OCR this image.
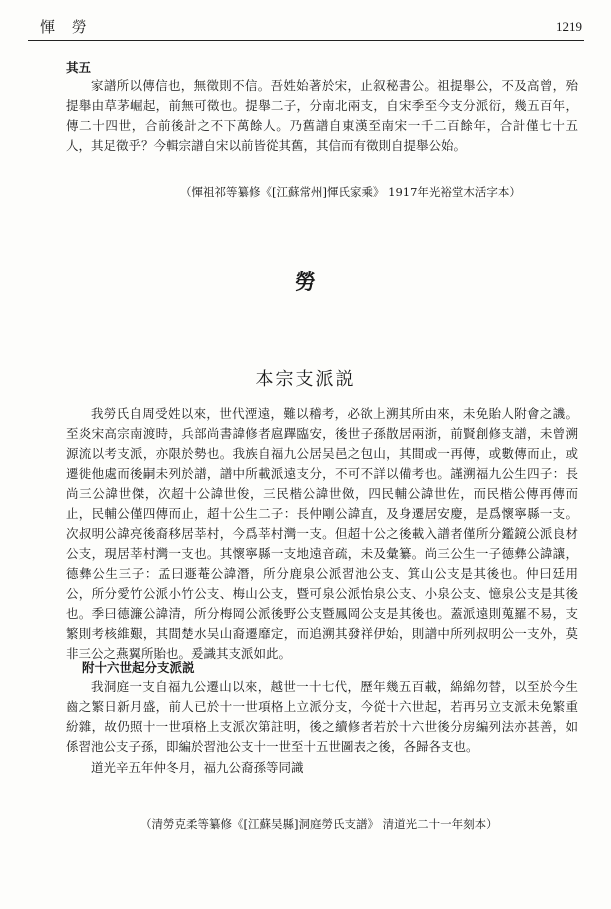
惲 勞	1219
其五

家譜所以傳信也，無徵則不信。吾姓始著於宋，止叙秘書公。祖提舉公，不及高曾，殆提舉由草茅崛起，前無可徵也。提舉二子，分南北兩支，自宋季至今支分派衍，幾五百年，傳二十四世，合前後計之不下萬餘人。乃舊譜自東漢至南宋一千二百餘年，合計僅七十五人，其足徵乎？今輯宗譜自宋以前皆從其舊，其信而有徵則自提舉公始。

（惲祖祁等纂修《[江蘇常州]惲氏家乘》 1917年光裕堂木活字本）
勞
本宗支派説

我勞氏自周受姓以來，世代湮遠，難以稽考，必欲上溯其所由來，未免貽人附會之譏。至炎宋高宗南渡時，兵部尚書諱修者扈蹕臨安，後世子孫散居兩浙，前賢創修支譜，未曾溯源流以考支派，亦限於勢也。我族自福九公居吴邑之包山，其間或一再傳，或數傳而止，或遷徙他處而後嗣未列於譜，譜中所載派遠支分，不可不詳以備考也。謹溯福九公生四子：長尚三公諱世傑，次超十公諱世俊，三民楷公諱世傚，四民輔公諱世佐，而民楷公傳再傳而止，民輔公僅四傳而止，超十公生二子：長仲剛公諱直，及身遷居安慶，是爲懷寧縣一支。次叔明公諱亮後裔移居莘村，今爲莘村灣一支。但超十公之後載入譜者僅所分鑑鏡公派良材公支，現居莘村灣一支也。其懷寧縣一支地遠音疏，未及彙纂。尚三公生一子德彝公諱讓，德彝公生三子：孟曰遯菴公諱潛，所分鹿泉公派習池公支、箕山公支是其後也。仲曰廷用公，所分愛竹公派小竹公支、梅山公支，暨可泉公派怡泉公支、小泉公支、憶泉公支是其後也。季曰德濂公諱清，所分梅岡公派後野公支暨鳳岡公支是其後也。蓋派遠則蒐羅不易，支繁則考核維艱，其間楚水吴山裔遷靡定，而追溯其發祥伊始，則譜中所列叔明公一支外，莫非三公之燕翼所貽也。爰識其支派如此。

附十六世起分支派説

我洞庭一支自福九公遷山以來，越世一十七代，歷年幾五百載，綿綿勿替，以至於今生齒之繁日新月盛，前人已於十一世項格上立派分支，今從十六世起，若再另立支派未免繁重紛雜，故仍照十一世項格上支派次第註明，後之續修者若於十六世後分房編列法亦甚善，如係習池公支子孫，即編於習池公支十一世至十五世圖表之後，各歸各支也。

道光辛五年仲冬月，福九公裔孫等同識

（清勞克柔等纂修《[江蘇吴縣]洞庭勞氏支譜》 清道光二十一年刻本）
